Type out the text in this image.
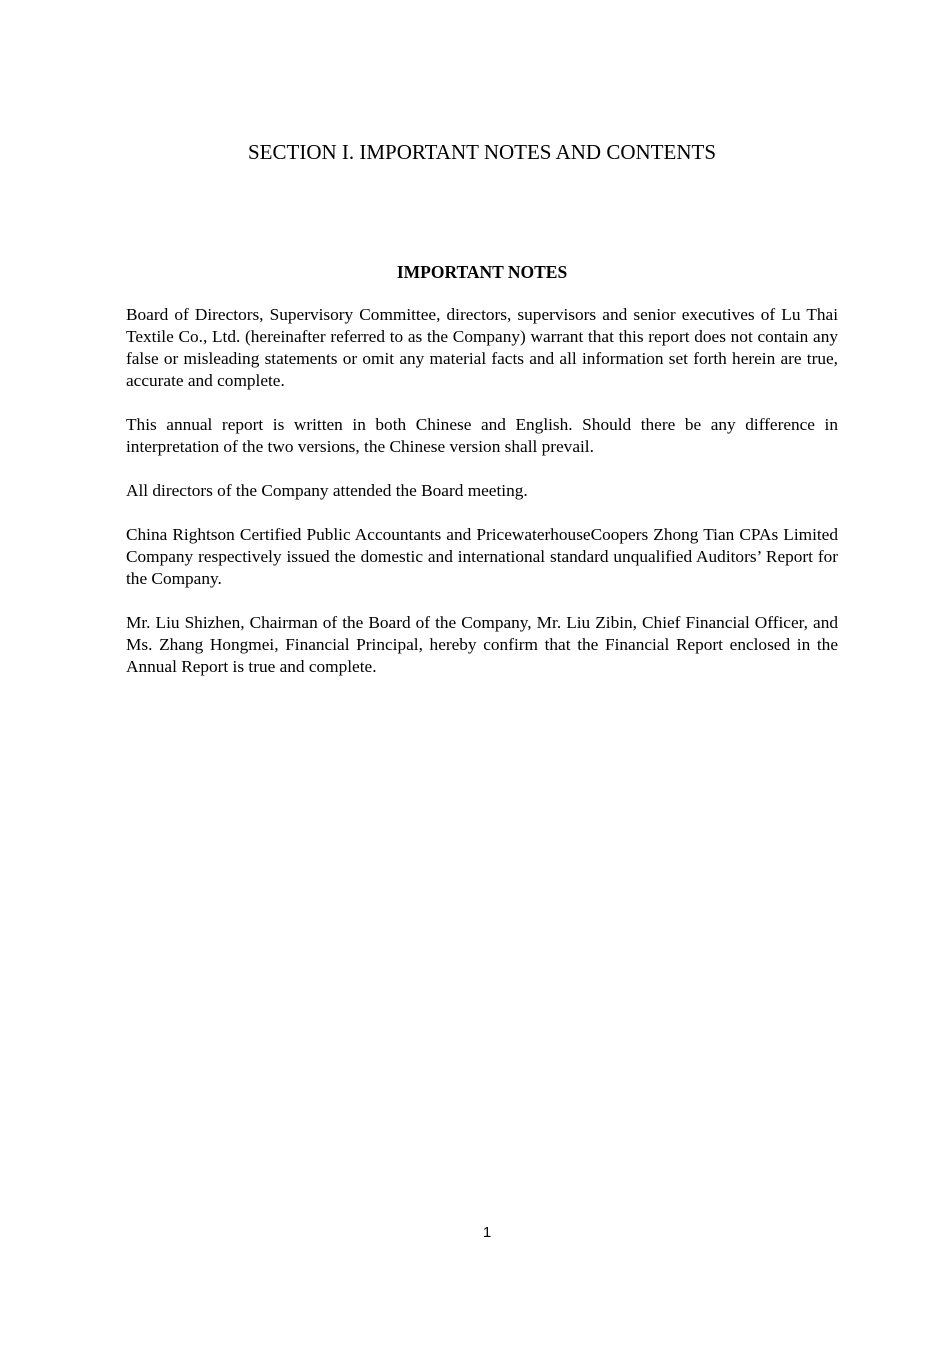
SECTION I. IMPORTANT NOTES AND CONTENTS
IMPORTANT NOTES

Board of Directors, Supervisory Committee, directors, supervisors and senior executives of Lu Thai Textile Co., Ltd. (hereinafter referred to as the Company) warrant that this report does not contain any false or misleading statements or omit any material facts and all information set forth herein are true, accurate and complete.

This annual report is written in both Chinese and English. Should there be any difference in interpretation of the two versions, the Chinese version shall prevail.

All directors of the Company attended the Board meeting.

China Rightson Certified Public Accountants and PricewaterhouseCoopers Zhong Tian CPAs Limited Company respectively issued the domestic and international standard unqualified Auditors’ Report for the Company.

Mr. Liu Shizhen, Chairman of the Board of the Company, Mr. Liu Zibin, Chief Financial Officer, and Ms. Zhang Hongmei, Financial Principal, hereby confirm that the Financial Report enclosed in the Annual Report is true and complete.

1
